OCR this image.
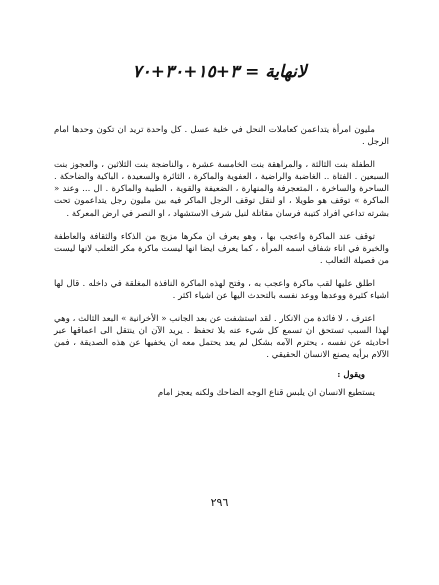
لانهاية = ٣+١٥+٣٠+٧٠

مليون امرأة يتداعمن كعاملات النحل في خلية عسل . كل واحدة تريد ان تكون وحدها امام الرجل .

الطفلة بنت الثالثة ، والمراهقة بنت الخامسة عشرة ، والناضجة بنت الثلاثين ، والعجوز بنت السبعين . الفتاة .. الغاضبة والراضية ، العفوية والماكرة ، الثائرة والسعيدة ، الباكية والضاحكة . الساحرة والساخرة ، المتعجرفة والمنهارة ، الضعيفة والقوية ، الطيبة والماكرة . ال ... وعند « الماكرة » توقف هو طويلا ، او لنقل توقف الرجل الماكر فيه بين مليون رجل يتداعمون تحت بشرته تداعي افراد كتيبة فرسان مقاتلة لنيل شرف الاستشهاد ، او النصر في ارض المعركة .

توقف عند الماكرة واعجب بها ، وهو يعرف ان مكرها مزيج من الذكاء والثقافة والعاطفة والخبرة في اناء شفاف اسمه المرأة ، كما يعرف ايضا انها ليست ماكرة مكر الثعلب لانها ليست من فصيلة الثعالب .

اطلق عليها لقب ماكرة واعجب به ، وفتح لهذه الماكرة النافذة المغلقة في داخله . قال لها اشياء كثيرة ووعدها ووعد نفسه بالتحدث اليها عن اشياء اكثر .

اعترف ، لا فائدة من الانكار . لقد استشفت عن بعد الجانب « الأخرانية » البعد الثالث ، وهي لهذا السبب تستحق ان تسمع كل شيء عنه بلا تحفظ . يريد الآن ان ينتقل الى اعماقها عبر احاديثه عن نفسه ، يحترم الآمه بشكل لم يعد يحتمل معه ان يخفيها عن هذه الصديقة ، فمن الآلام برأيه يصنع الانسان الحقيقي .

ويقول :

يستطيع الانسان ان يلبس قناع الوجه الضاحك ولكنه يعجز امام

٢٩٦
